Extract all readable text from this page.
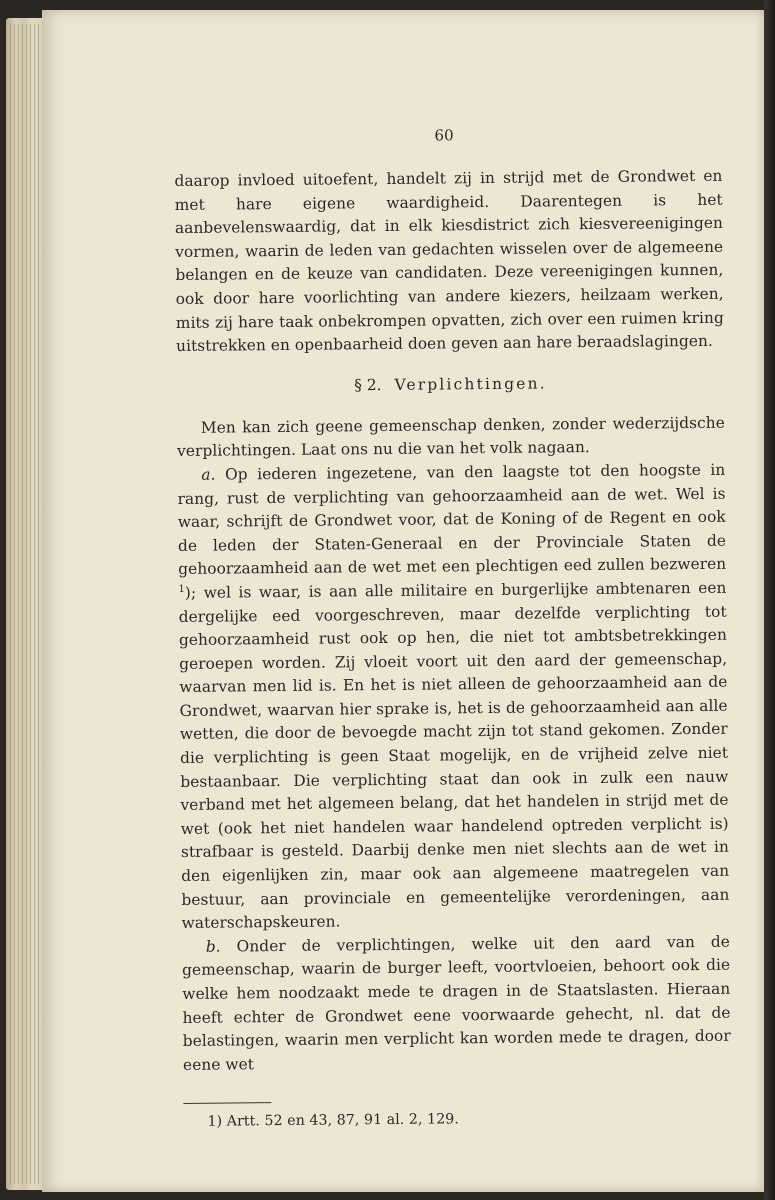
60

daarop invloed uitoefent, handelt zij in strijd met de Grondwet en met hare eigene waardigheid. Daarentegen is het aanbevelenswaardig, dat in elk kiesdistrict zich kiesvereenigingen vormen, waarin de leden van gedachten wisselen over de algemeene belangen en de keuze van candidaten. Deze vereenigingen kunnen, ook door hare voorlichting van andere kiezers, heilzaam werken, mits zij hare taak onbekrompen opvatten, zich over een ruimen kring uitstrekken en openbaarheid doen geven aan hare beraadslagingen.

§ 2. Verplichtingen.

Men kan zich geene gemeenschap denken, zonder wederzijdsche verplichtingen. Laat ons nu die van het volk nagaan.

a. Op iederen ingezetene, van den laagste tot den hoogste in rang, rust de verplichting van gehoorzaamheid aan de wet. Wel is waar, schrijft de Grondwet voor, dat de Koning of de Regent en ook de leden der Staten-Generaal en der Provinciale Staten de gehoorzaamheid aan de wet met een plechtigen eed zullen bezweren $^1$); wel is waar, is aan alle militaire en burgerlijke ambtenaren een dergelijke eed voorgeschreven, maar dezelfde verplichting tot gehoorzaamheid rust ook op hen, die niet tot ambtsbetrekkingen geroepen worden. Zij vloeit voort uit den aard der gemeenschap, waarvan men lid is. En het is niet alleen de gehoorzaamheid aan de Grondwet, waarvan hier sprake is, het is de gehoorzaamheid aan alle wetten, die door de bevoegde macht zijn tot stand gekomen. Zonder die verplichting is geen Staat mogelijk, en de vrijheid zelve niet bestaanbaar. Die verplichting staat dan ook in zulk een nauw verband met het algemeen belang, dat het handelen in strijd met de wet (ook het niet handelen waar handelend optreden verplicht is) strafbaar is gesteld. Daarbij denke men niet slechts aan de wet in den eigenlijken zin, maar ook aan algemeene maatregelen van bestuur, aan provinciale en gemeentelijke verordeningen, aan waterschapskeuren.

b. Onder de verplichtingen, welke uit den aard van de gemeenschap, waarin de burger leeft, voortvloeien, behoort ook die welke hem noodzaakt mede te dragen in de Staatslasten. Hieraan heeft echter de Grondwet eene voorwaarde gehecht, nl. dat de belastingen, waarin men verplicht kan worden mede te dragen, door eene wet

1) Artt. 52 en 43, 87, 91 al. 2, 129.
